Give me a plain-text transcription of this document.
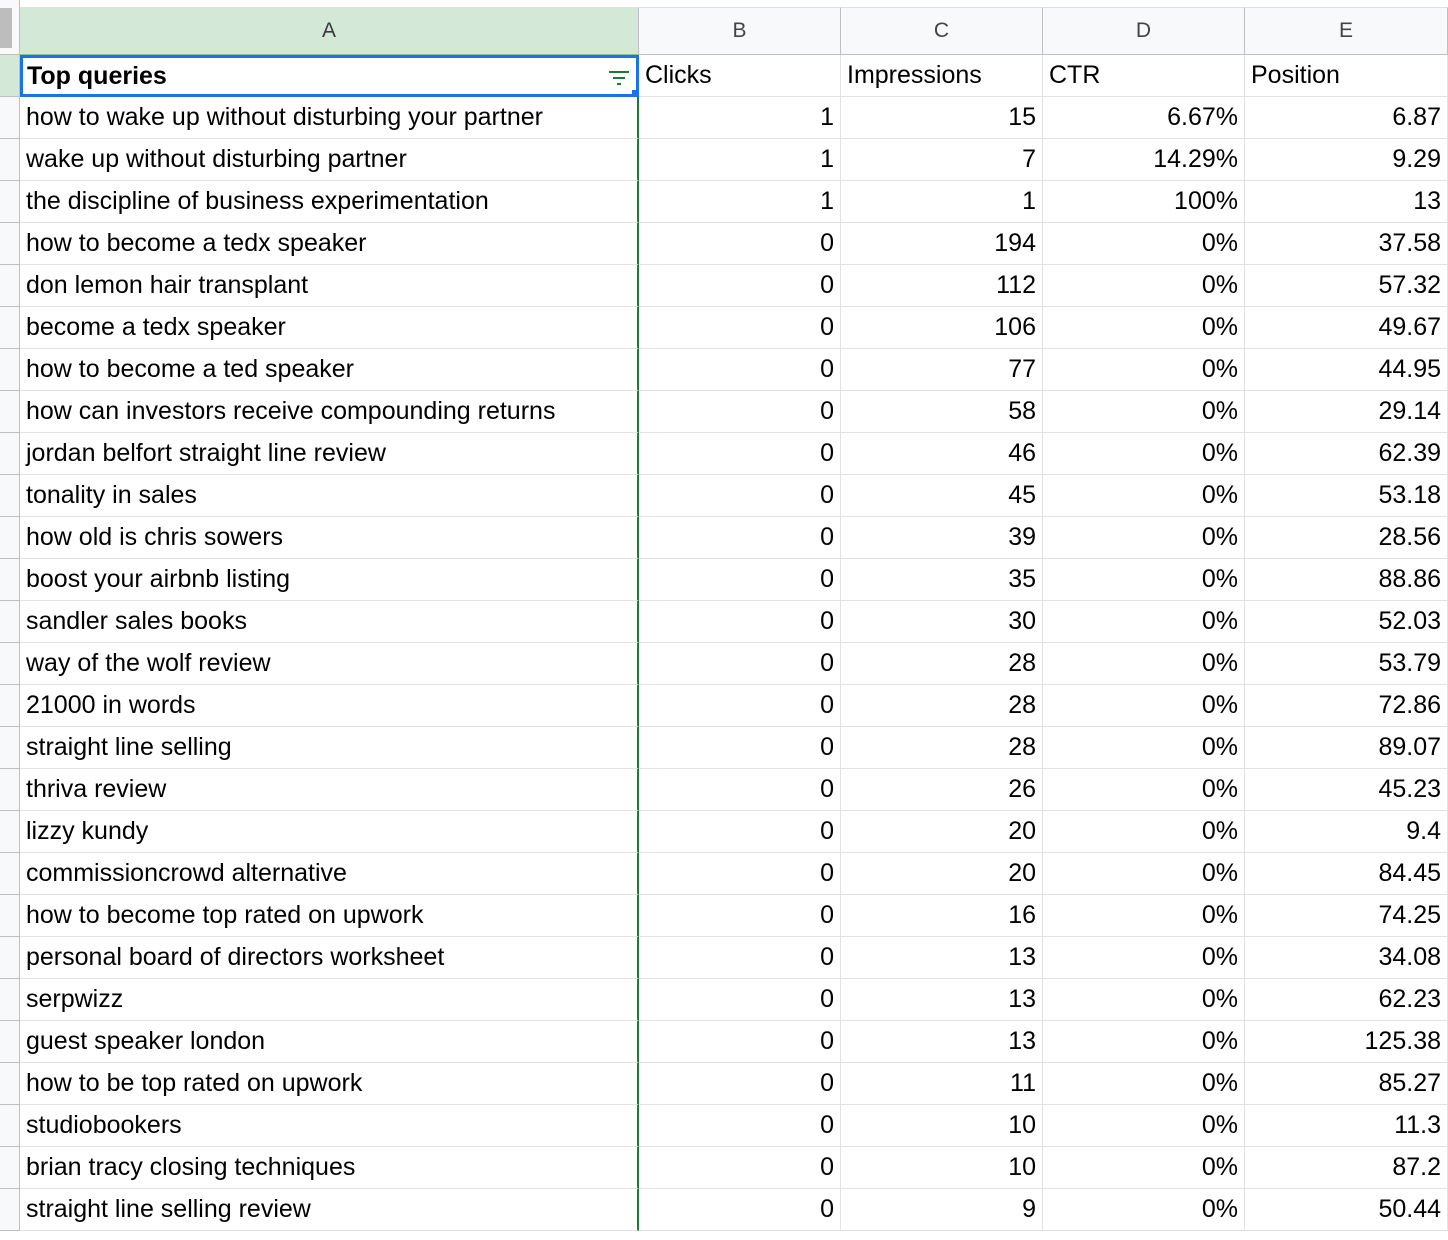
A	B	C	D	E
Top queries	Clicks	Impressions	CTR	Position
how to wake up without disturbing your partner	1	15	6.67%	6.87
wake up without disturbing partner	1	7	14.29%	9.29
the discipline of business experimentation	1	1	100%	13
how to become a tedx speaker	0	194	0%	37.58
don lemon hair transplant	0	112	0%	57.32
become a tedx speaker	0	106	0%	49.67
how to become a ted speaker	0	77	0%	44.95
how can investors receive compounding returns	0	58	0%	29.14
jordan belfort straight line review	0	46	0%	62.39
tonality in sales	0	45	0%	53.18
how old is chris sowers	0	39	0%	28.56
boost your airbnb listing	0	35	0%	88.86
sandler sales books	0	30	0%	52.03
way of the wolf review	0	28	0%	53.79
21000 in words	0	28	0%	72.86
straight line selling	0	28	0%	89.07
thriva review	0	26	0%	45.23
lizzy kundy	0	20	0%	9.4
commissioncrowd alternative	0	20	0%	84.45
how to become top rated on upwork	0	16	0%	74.25
personal board of directors worksheet	0	13	0%	34.08
serpwizz	0	13	0%	62.23
guest speaker london	0	13	0%	125.38
how to be top rated on upwork	0	11	0%	85.27
studiobookers	0	10	0%	11.3
brian tracy closing techniques	0	10	0%	87.2
straight line selling review	0	9	0%	50.44
